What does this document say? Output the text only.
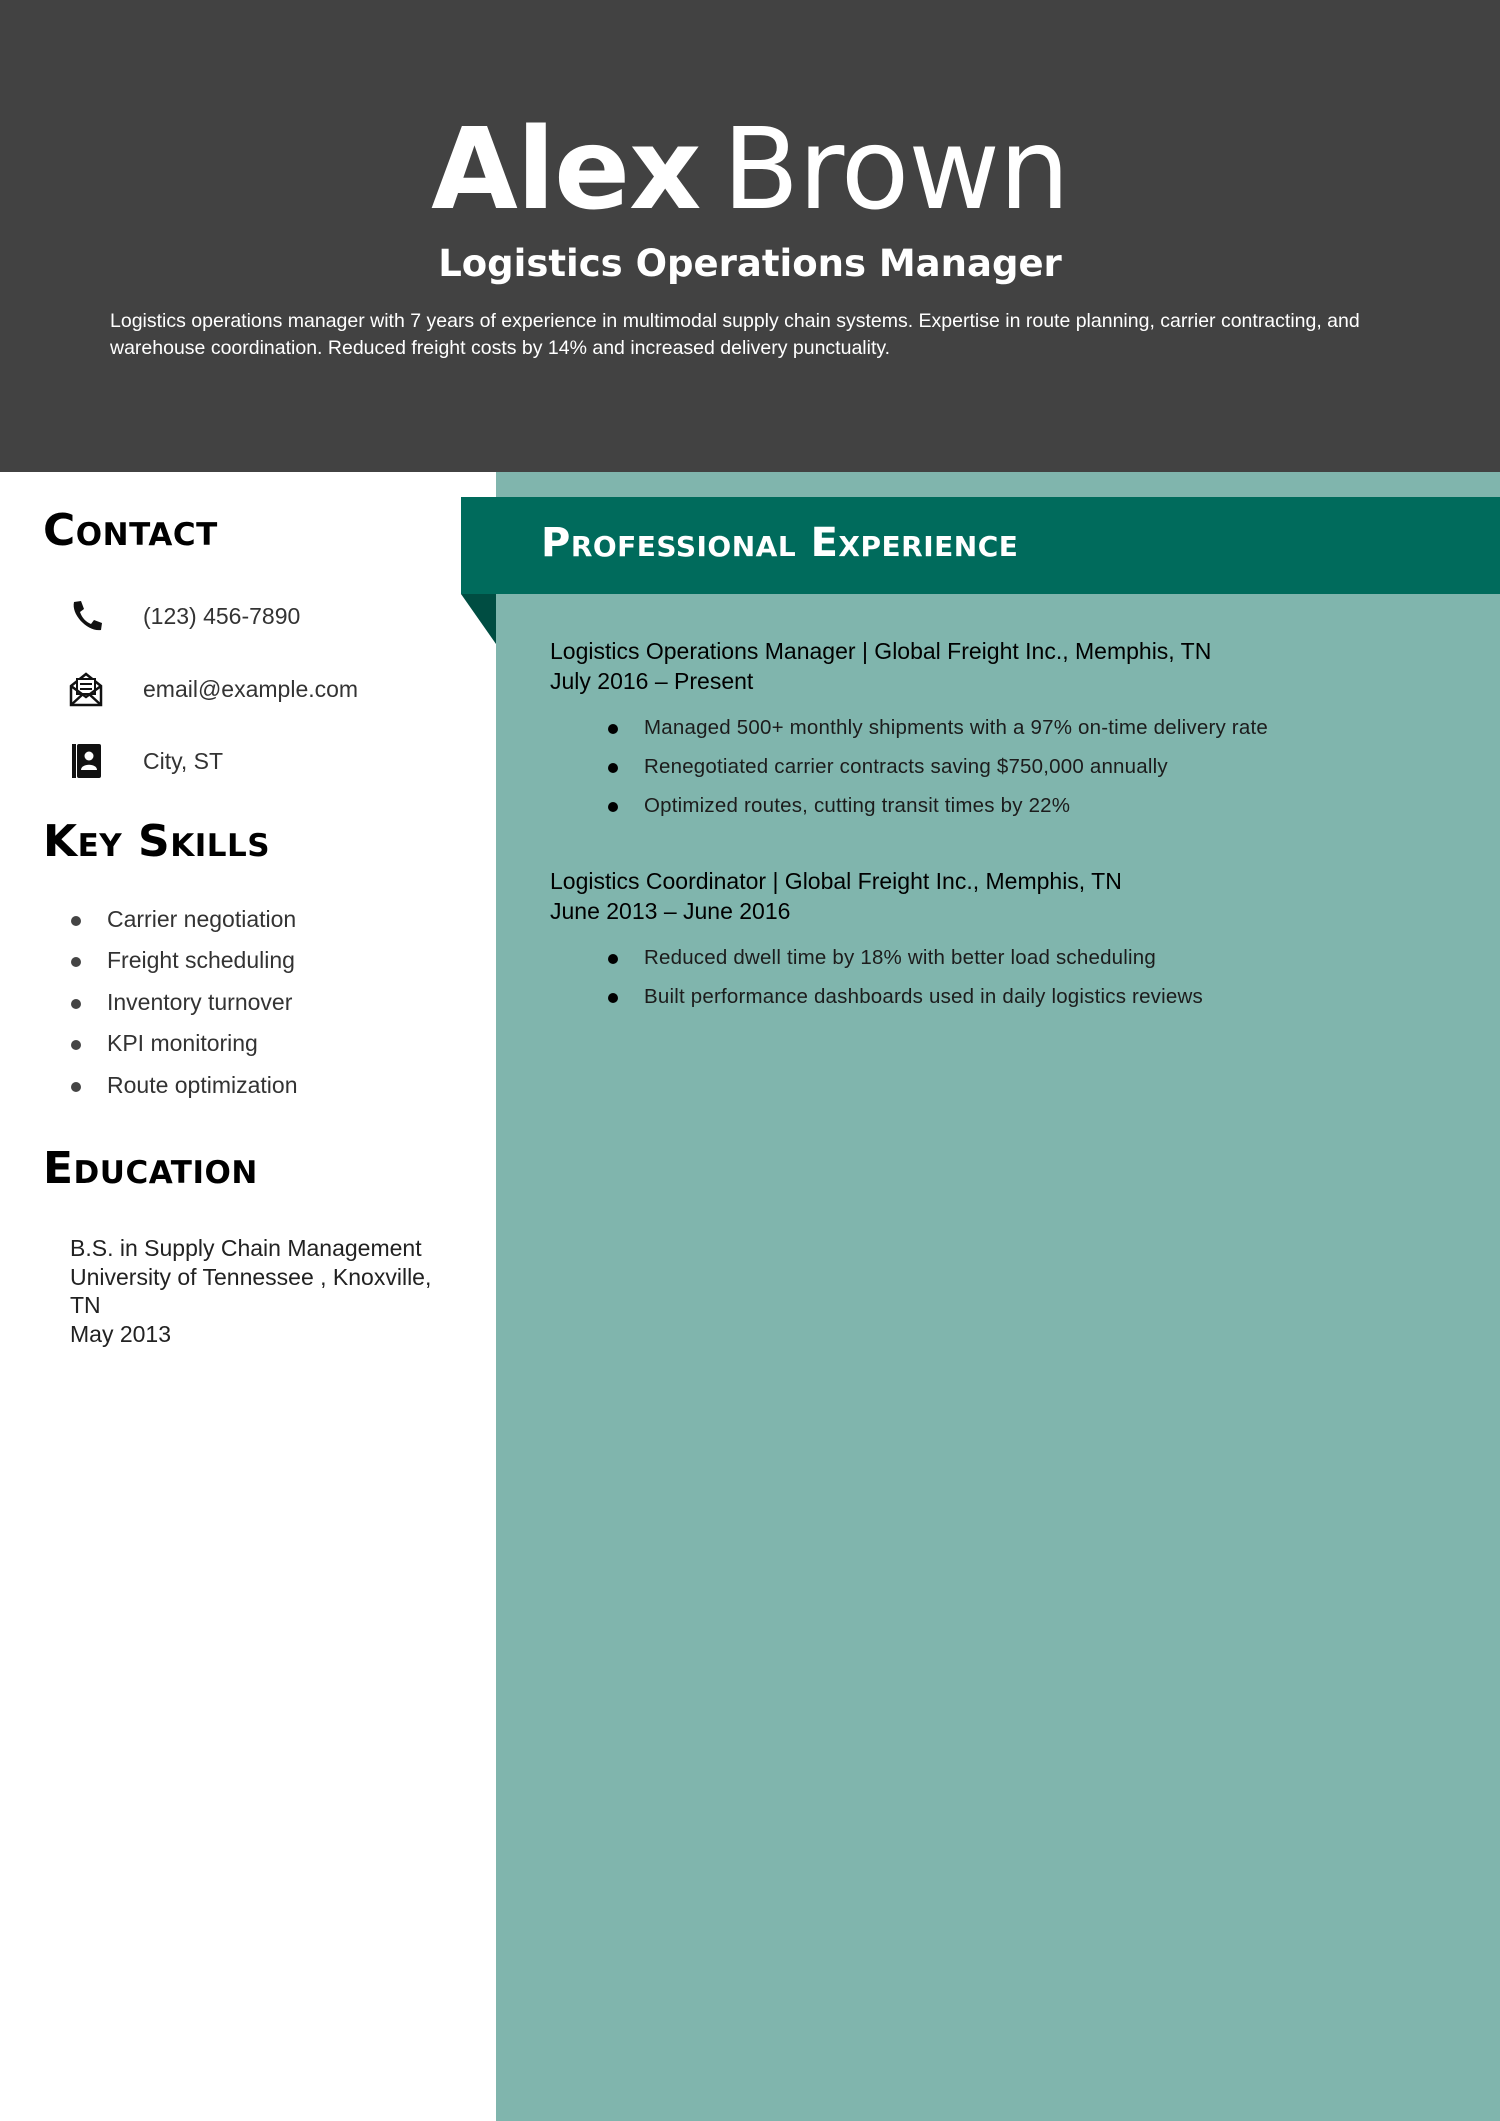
Alex Brown
Logistics Operations Manager
Logistics operations manager with 7 years of experience in multimodal supply chain systems. Expertise in route planning, carrier contracting, and warehouse coordination. Reduced freight costs by 14% and increased delivery punctuality.
Contact
(123) 456-7890
email@example.com
City, ST
Key Skills
Carrier negotiation
Freight scheduling
Inventory turnover
KPI monitoring
Route optimization
Education
B.S. in Supply Chain Management
University of Tennessee , Knoxville,
TN
May 2013
Professional Experience
Logistics Operations Manager | Global Freight Inc., Memphis, TN
July 2016 – Present
Managed 500+ monthly shipments with a 97% on-time delivery rate
Renegotiated carrier contracts saving $750,000 annually
Optimized routes, cutting transit times by 22%
Logistics Coordinator | Global Freight Inc., Memphis, TN
June 2013 – June 2016
Reduced dwell time by 18% with better load scheduling
Built performance dashboards used in daily logistics reviews
